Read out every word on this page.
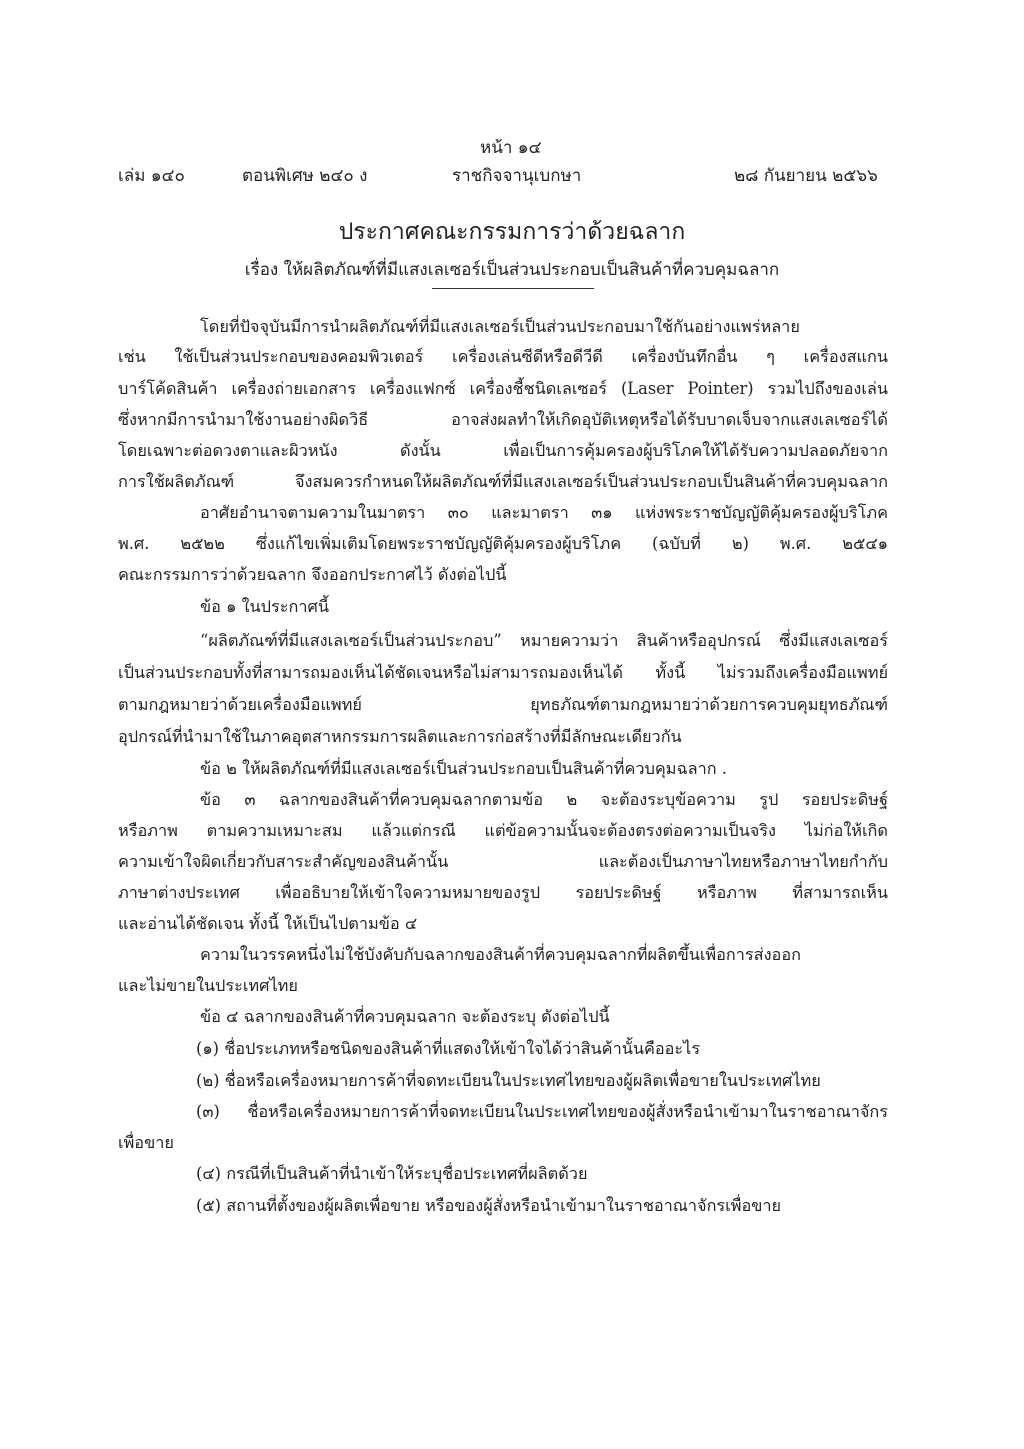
หน้า ๑๔
เล่ม ๑๔๐	ตอนพิเศษ ๒๔๐ ง	ราชกิจจานุเบกษา	๒๘ กันยายน ๒๕๖๖
ประกาศคณะกรรมการว่าด้วยฉลาก
เรื่อง ให้ผลิตภัณฑ์ที่มีแสงเลเซอร์เป็นส่วนประกอบเป็นสินค้าที่ควบคุมฉลาก
โดยที่ปัจจุบันมีการนำผลิตภัณฑ์ที่มีแสงเลเซอร์เป็นส่วนประกอบมาใช้กันอย่างแพร่หลาย
เช่น ใช้เป็นส่วนประกอบของคอมพิวเตอร์ เครื่องเล่นซีดีหรือดีวีดี เครื่องบันทึกอื่น ๆ เครื่องสแกน
บาร์โค้ดสินค้า เครื่องถ่ายเอกสาร เครื่องแฟกซ์ เครื่องชี้ชนิดเลเซอร์ (Laser Pointer) รวมไปถึงของเล่น
ซึ่งหากมีการนำมาใช้งานอย่างผิดวิธี อาจส่งผลทำให้เกิดอุบัติเหตุหรือได้รับบาดเจ็บจากแสงเลเซอร์ได้
โดยเฉพาะต่อดวงตาและผิวหนัง ดังนั้น เพื่อเป็นการคุ้มครองผู้บริโภคให้ได้รับความปลอดภัยจาก
การใช้ผลิตภัณฑ์ จึงสมควรกำหนดให้ผลิตภัณฑ์ที่มีแสงเลเซอร์เป็นส่วนประกอบเป็นสินค้าที่ควบคุมฉลาก
อาศัยอำนาจตามความในมาตรา ๓๐ และมาตรา ๓๑ แห่งพระราชบัญญัติคุ้มครองผู้บริโภค
พ.ศ. ๒๕๒๒ ซึ่งแก้ไขเพิ่มเติมโดยพระราชบัญญัติคุ้มครองผู้บริโภค (ฉบับที่ ๒) พ.ศ. ๒๕๔๑
คณะกรรมการว่าด้วยฉลาก จึงออกประกาศไว้ ดังต่อไปนี้
ข้อ ๑ ในประกาศนี้
“ผลิตภัณฑ์ที่มีแสงเลเซอร์เป็นส่วนประกอบ” หมายความว่า สินค้าหรืออุปกรณ์ ซึ่งมีแสงเลเซอร์
เป็นส่วนประกอบทั้งที่สามารถมองเห็นได้ชัดเจนหรือไม่สามารถมองเห็นได้ ทั้งนี้ ไม่รวมถึงเครื่องมือแพทย์
ตามกฎหมายว่าด้วยเครื่องมือแพทย์ ยุทธภัณฑ์ตามกฎหมายว่าด้วยการควบคุมยุทธภัณฑ์
อุปกรณ์ที่นำมาใช้ในภาคอุตสาหกรรมการผลิตและการก่อสร้างที่มีลักษณะเดียวกัน
ข้อ ๒ ให้ผลิตภัณฑ์ที่มีแสงเลเซอร์เป็นส่วนประกอบเป็นสินค้าที่ควบคุมฉลาก .
ข้อ ๓ ฉลากของสินค้าที่ควบคุมฉลากตามข้อ ๒ จะต้องระบุข้อความ รูป รอยประดิษฐ์
หรือภาพ ตามความเหมาะสม แล้วแต่กรณี แต่ข้อความนั้นจะต้องตรงต่อความเป็นจริง ไม่ก่อให้เกิด
ความเข้าใจผิดเกี่ยวกับสาระสำคัญของสินค้านั้น และต้องเป็นภาษาไทยหรือภาษาไทยกำกับ
ภาษาต่างประเทศ เพื่ออธิบายให้เข้าใจความหมายของรูป รอยประดิษฐ์ หรือภาพ ที่สามารถเห็น
และอ่านได้ชัดเจน ทั้งนี้ ให้เป็นไปตามข้อ ๔
ความในวรรคหนึ่งไม่ใช้บังคับกับฉลากของสินค้าที่ควบคุมฉลากที่ผลิตขึ้นเพื่อการส่งออก
และไม่ขายในประเทศไทย
ข้อ ๔ ฉลากของสินค้าที่ควบคุมฉลาก จะต้องระบุ ดังต่อไปนี้
(๑) ชื่อประเภทหรือชนิดของสินค้าที่แสดงให้เข้าใจได้ว่าสินค้านั้นคืออะไร
(๒) ชื่อหรือเครื่องหมายการค้าที่จดทะเบียนในประเทศไทยของผู้ผลิตเพื่อขายในประเทศไทย
(๓) ชื่อหรือเครื่องหมายการค้าที่จดทะเบียนในประเทศไทยของผู้สั่งหรือนำเข้ามาในราชอาณาจักร
เพื่อขาย
(๔) กรณีที่เป็นสินค้าที่นำเข้าให้ระบุชื่อประเทศที่ผลิตด้วย
(๕) สถานที่ตั้งของผู้ผลิตเพื่อขาย หรือของผู้สั่งหรือนำเข้ามาในราชอาณาจักรเพื่อขาย
